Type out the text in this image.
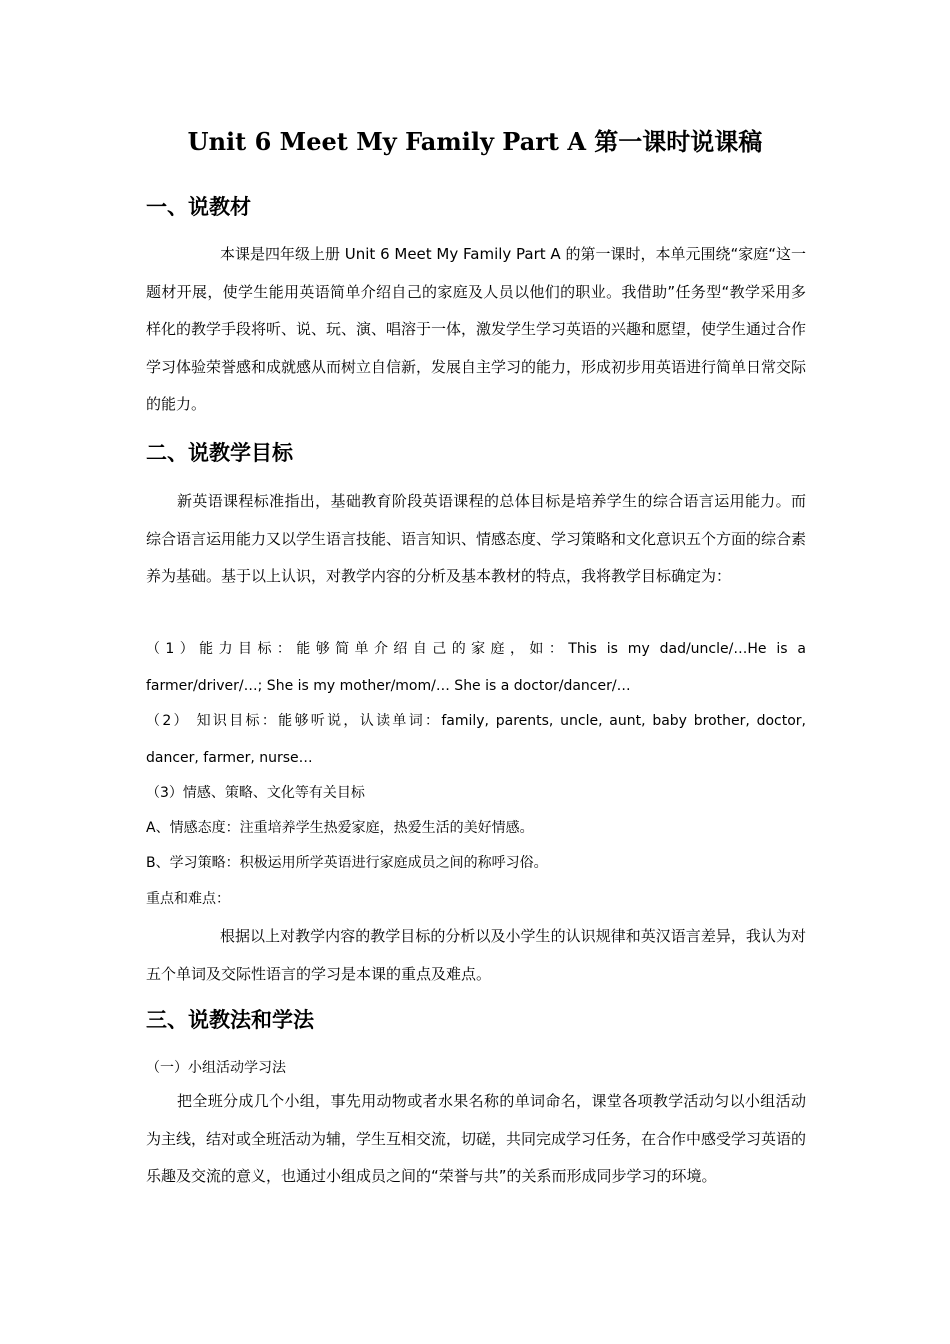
Unit 6 Meet My Family Part A 第一课时说课稿
一、说教材

本课是四年级上册 Unit 6 Meet My Family Part A 的第一课时，本单元围绕“家庭“这一题材开展，使学生能用英语简单介绍自己的家庭及人员以他们的职业。我借助”任务型“教学采用多样化的教学手段将听、说、玩、演、唱溶于一体，激发学生学习英语的兴趣和愿望，使学生通过合作学习体验荣誉感和成就感从而树立自信新，发展自主学习的能力，形成初步用英语进行简单日常交际的能力。

二、说教学目标

新英语课程标准指出，基础教育阶段英语课程的总体目标是培养学生的综合语言运用能力。而综合语言运用能力又以学生语言技能、语言知识、情感态度、学习策略和文化意识五个方面的综合素养为基础。基于以上认识，对教学内容的分析及基本教材的特点，我将教学目标确定为：

（1）能力目标：能够简单介绍自己的家庭，如：This is my dad/uncle/…He is a
farmer/driver/…; She is my mother/mom/… She is a doctor/dancer/…
（2） 知识目标：能够听说，认读单词：family, parents, uncle, aunt, baby brother, doctor,
dancer, farmer, nurse…
（3）情感、策略、文化等有关目标
A、情感态度：注重培养学生热爱家庭，热爱生活的美好情感。
B、学习策略：积极运用所学英语进行家庭成员之间的称呼习俗。
重点和难点：

根据以上对教学内容的教学目标的分析以及小学生的认识规律和英汉语言差异，我认为对五个单词及交际性语言的学习是本课的重点及难点。

三、说教法和学法
（一）小组活动学习法

把全班分成几个小组，事先用动物或者水果名称的单词命名，课堂各项教学活动匀以小组活动为主线，结对或全班活动为辅，学生互相交流，切磋，共同完成学习任务，在合作中感受学习英语的乐趣及交流的意义，也通过小组成员之间的“荣誉与共”的关系而形成同步学习的环境。
